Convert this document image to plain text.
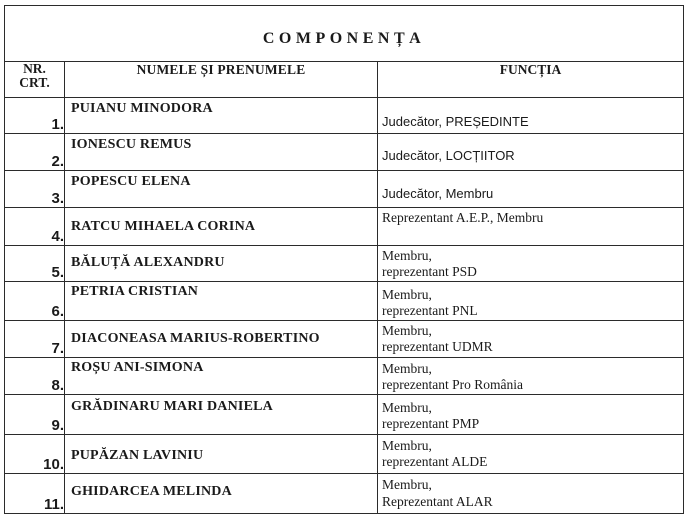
COMPONENȚA		

NR.
CRT.	NUMELE ȘI PRENUMELE	FUNCȚIA
1.	PUIANU MINODORA	Judecător, PREȘEDINTE

2.	IONESCU REMUS	Judecător, LOCȚIITOR

3.	POPESCU ELENA	Judecător, Membru

4.	RATCU MIHAELA CORINA	Reprezentant A.E.P., Membru

5.	BĂLUȚĂ ALEXANDRU	Membru,
reprezentant PSD

6.	PETRIA CRISTIAN	Membru,
reprezentant PNL

7.	DIACONEASA MARIUS-ROBERTINO	Membru,
reprezentant UDMR

8.	ROȘU ANI-SIMONA	Membru,
reprezentant Pro România

9.	GRĂDINARU MARI DANIELA	Membru,
reprezentant PMP

10.	PUPĂZAN LAVINIU	Membru,
reprezentant ALDE

11.	GHIDARCEA MELINDA	Membru,
Reprezentant ALAR
